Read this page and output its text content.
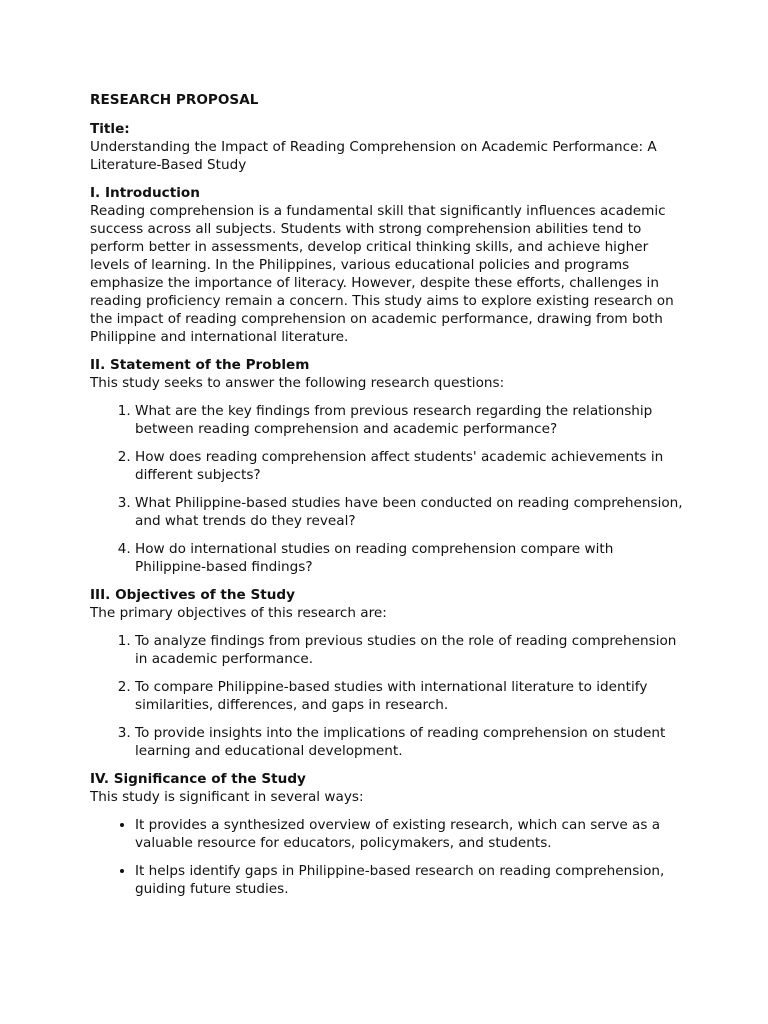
RESEARCH PROPOSAL
Title:
Understanding the Impact of Reading Comprehension on Academic Performance: A Literature-Based Study
I. Introduction

Reading comprehension is a fundamental skill that significantly influences academic success across all subjects. Students with strong comprehension abilities tend to perform better in assessments, develop critical thinking skills, and achieve higher levels of learning. In the Philippines, various educational policies and programs emphasize the importance of literacy. However, despite these efforts, challenges in reading proficiency remain a concern. This study aims to explore existing research on the impact of reading comprehension on academic performance, drawing from both Philippine and international literature.

II. Statement of the Problem

This study seeks to answer the following research questions:

1. What are the key findings from previous research regarding the relationship between reading comprehension and academic performance?
2. How does reading comprehension affect students' academic achievements in different subjects?
3. What Philippine-based studies have been conducted on reading comprehension, and what trends do they reveal?
4. How do international studies on reading comprehension compare with Philippine-based findings?
III. Objectives of the Study

The primary objectives of this research are:

1. To analyze findings from previous studies on the role of reading comprehension in academic performance.
2. To compare Philippine-based studies with international literature to identify similarities, differences, and gaps in research.
3. To provide insights into the implications of reading comprehension on student learning and educational development.
IV. Significance of the Study

This study is significant in several ways:

• It provides a synthesized overview of existing research, which can serve as a valuable resource for educators, policymakers, and students.
• It helps identify gaps in Philippine-based research on reading comprehension, guiding future studies.
